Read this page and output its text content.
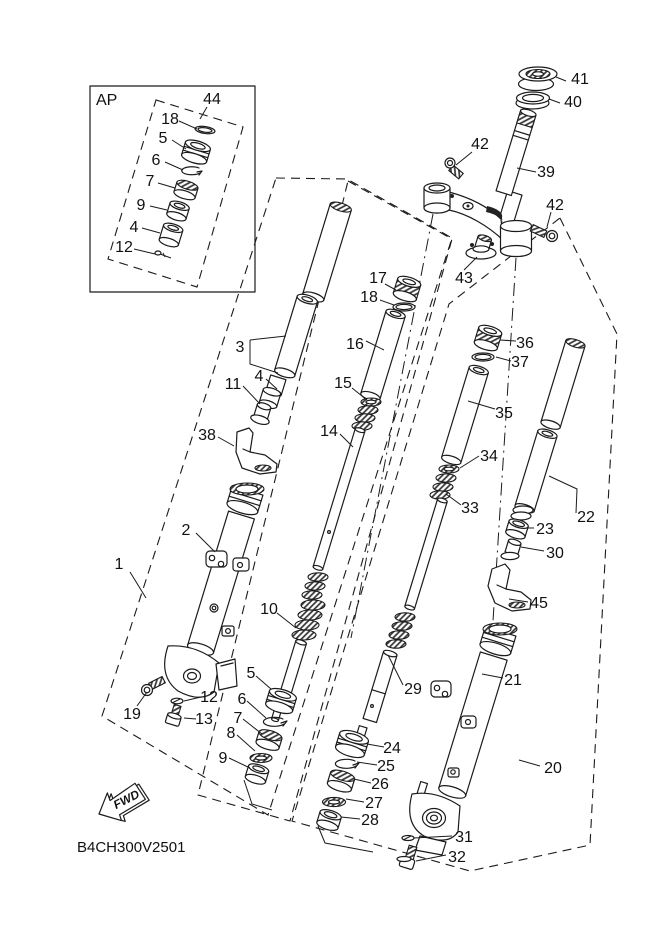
FWD
B4CH300V2501
AP	44
18
5
6
7
9
4
12
41
40
39
42
42
43
17
18
16
15
14
3
4
11
38
2
1
19
12
13
10
5
6
7
8
9
36
37
35
34
33
29
24
25
26
27
28
22
23
30
45
21
20
31
32
